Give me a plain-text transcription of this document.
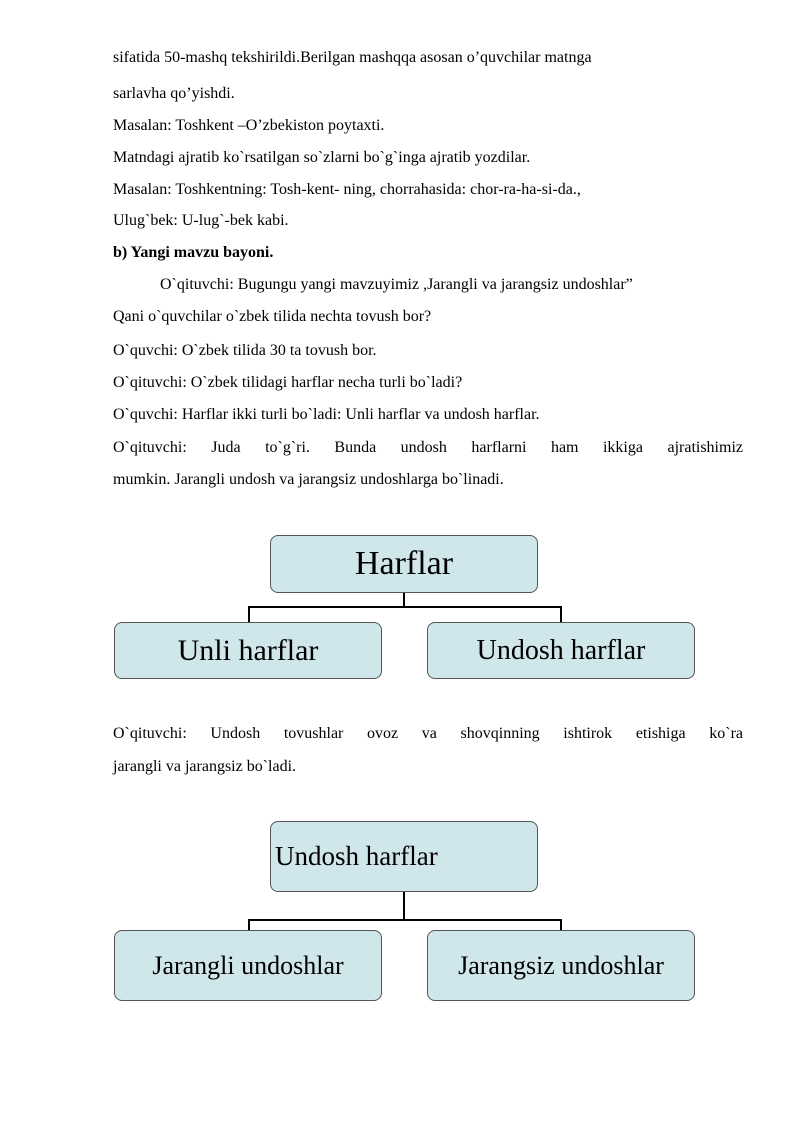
sifatida 50-mashq tekshirildi.Berilgan mashqqa asosan o’quvchilar matnga
sarlavha qo’yishdi.
Masalan: Toshkent –O’zbekiston poytaxti.
Matndagi ajratib ko`rsatilgan so`zlarni bo`g`inga ajratib yozdilar.
Masalan: Toshkentning: Tosh-kent- ning, chorrahasida: chor-ra-ha-si-da.,
Ulug`bek: U-lug`-bek kabi.
b) Yangi mavzu bayoni.
O`qituvchi: Bugungu yangi mavzuyimiz ,Jarangli va jarangsiz undoshlar”
Qani o`quvchilar o`zbek tilida nechta tovush bor?
O`quvchi: O`zbek tilida 30 ta tovush bor.
O`qituvchi: O`zbek tilidagi harflar necha turli bo`ladi?
O`quvchi: Harflar ikki turli bo`ladi: Unli harflar va undosh harflar.
O`qituvchi: Juda to`g`ri. Bunda undosh harflarni ham ikkiga ajratishimiz
mumkin. Jarangli undosh va jarangsiz undoshlarga bo`linadi.
Harflar
Unli harflar	Undosh harflar
O`qituvchi: Undosh tovushlar ovoz va shovqinning ishtirok etishiga ko`ra
jarangli va jarangsiz bo`ladi.
Undosh harflar
Jarangli undoshlar	Jarangsiz undoshlar
